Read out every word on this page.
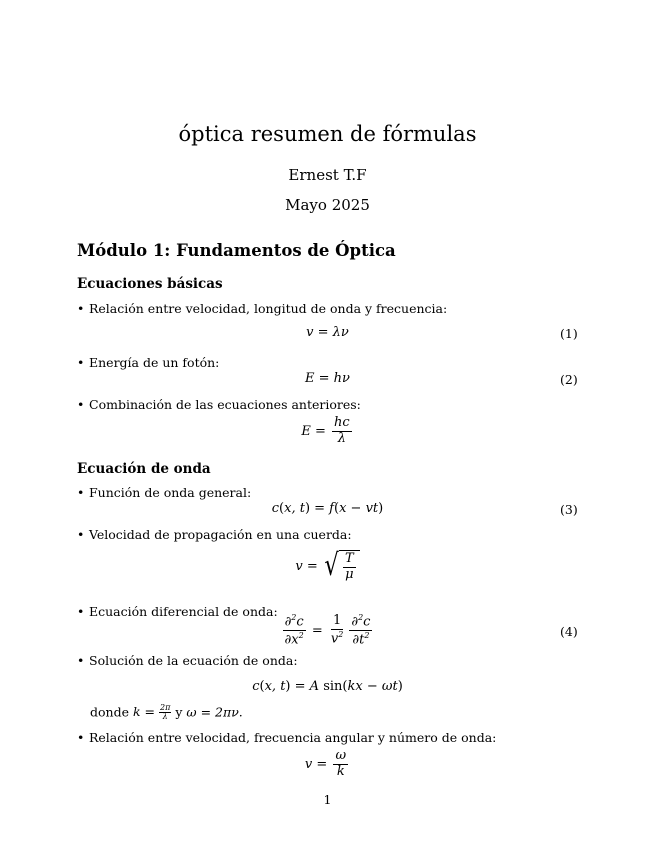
óptica resumen de fórmulas
Ernest T.F
Mayo 2025
Módulo 1: Fundamentos de Óptica
Ecuaciones básicas
• Relación entre velocidad, longitud de onda y frecuencia:
v = λν	(1)
• Energía de un fotón:
E = hν	(2)
• Combinación de las ecuaciones anteriores:
$E = \frac{hc}{\lambda}$
Ecuación de onda
• Función de onda general:
c(x, t) = f(x − vt)	(3)
• Velocidad de propagación en una cuerda:
v = √ $\frac{T}{\mu}$
• Ecuación diferencial de onda:
$\frac{\partial^2c}{\partial x^2} = \frac{1}{v^2} \frac{\partial^2c}{\partial t^2}$	(4)
• Solución de la ecuación de onda:
c(x, t) = A sin(kx − ωt)
donde $k = \frac{2\pi}{\lambda}$ y ω = 2πν.
• Relación entre velocidad, frecuencia angular y número de onda:
$v = \frac{\omega}{k}$
1
